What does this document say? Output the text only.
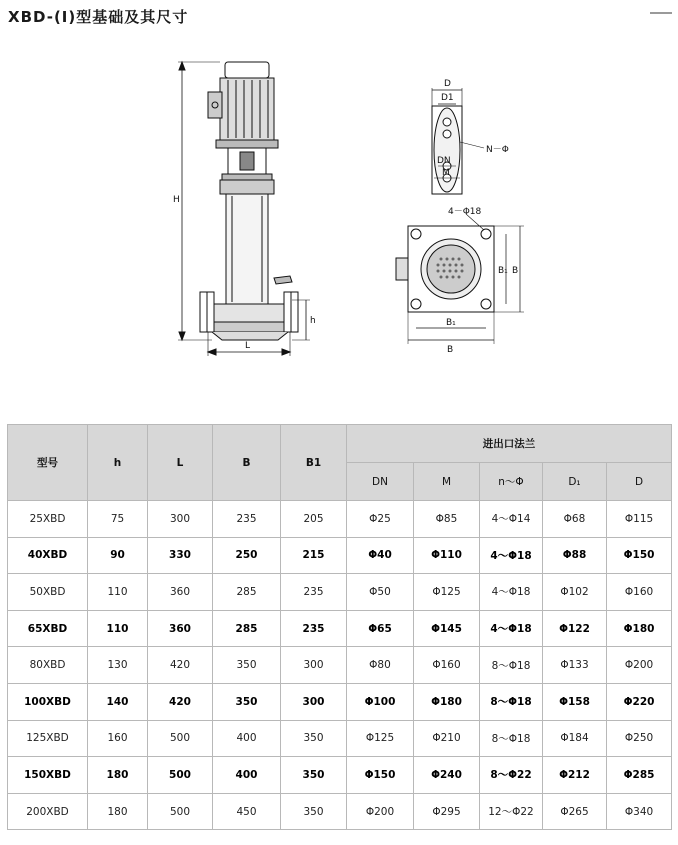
XBD-(I)型基础及其尺寸
H
h
L
D
D1
DN
M
N－Φ
4－Φ18
B₁ B
B₁
B
型号	h	L	B	B1	进出口法兰				
					DN	M	n～Φ	D₁	D
25XBD	75	300	235	205	Φ25	Φ85	4～Φ14	Φ68	Φ115
40XBD	90	330	250	215	Φ40	Φ110	4～Φ18	Φ88	Φ150
50XBD	110	360	285	235	Φ50	Φ125	4～Φ18	Φ102	Φ160
65XBD	110	360	285	235	Φ65	Φ145	4～Φ18	Φ122	Φ180
80XBD	130	420	350	300	Φ80	Φ160	8～Φ18	Φ133	Φ200
100XBD	140	420	350	300	Φ100	Φ180	8～Φ18	Φ158	Φ220
125XBD	160	500	400	350	Φ125	Φ210	8～Φ18	Φ184	Φ250
150XBD	180	500	400	350	Φ150	Φ240	8～Φ22	Φ212	Φ285
200XBD	180	500	450	350	Φ200	Φ295	12～Φ22	Φ265	Φ340
